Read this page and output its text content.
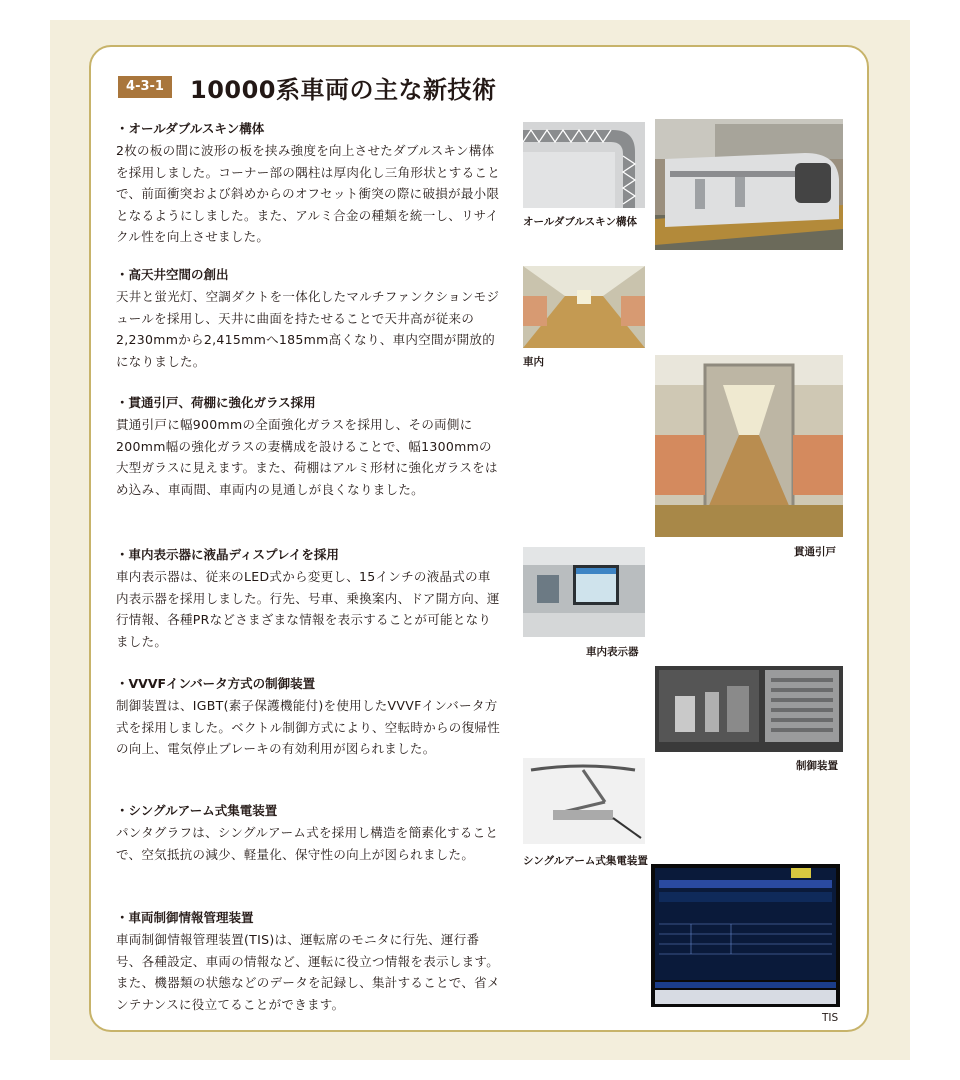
4-3-1	10000系車両の主な新技術
・オールダブルスキン構体

2枚の板の間に波形の板を挟み強度を向上させたダブルスキン構体を採用しました。コーナー部の隅柱は厚肉化し三角形状とすることで、前面衝突および斜めからのオフセット衝突の際に破損が最小限となるようにしました。また、アルミ合金の種類を統一し、リサイクル性を向上させました。

・高天井空間の創出

天井と蛍光灯、空調ダクトを一体化したマルチファンクションモジュールを採用し、天井に曲面を持たせることで天井高が従来の2,230mmから2,415mmへ185mm高くなり、車内空間が開放的になりました。

・貫通引戸、荷棚に強化ガラス採用

貫通引戸に幅900mmの全面強化ガラスを採用し、その両側に200mm幅の強化ガラスの妻構成を設けることで、幅1300mmの大型ガラスに見えます。また、荷棚はアルミ形材に強化ガラスをはめ込み、車両間、車両内の見通しが良くなりました。

・車内表示器に液晶ディスプレイを採用

車内表示器は、従来のLED式から変更し、15インチの液晶式の車内表示器を採用しました。行先、号車、乗換案内、ドア開方向、運行情報、各種PRなどさまざまな情報を表示することが可能となりました。

・VVVFインバータ方式の制御装置

制御装置は、IGBT(素子保護機能付)を使用したVVVFインバータ方式を採用しました。ベクトル制御方式により、空転時からの復帰性の向上、電気停止ブレーキの有効利用が図られました。

・シングルアーム式集電装置

パンタグラフは、シングルアーム式を採用し構造を簡素化することで、空気抵抗の減少、軽量化、保守性の向上が図られました。

・車両制御情報管理装置

車両制御情報管理装置(TIS)は、運転席のモニタに行先、運行番号、各種設定、車両の情報など、運転に役立つ情報を表示します。また、機器類の状態などのデータを記録し、集計することで、省メンテナンスに役立てることができます。

オールダブルスキン構体
車内
貫通引戸
車内表示器
制御装置
シングルアーム式集電装置
TIS
